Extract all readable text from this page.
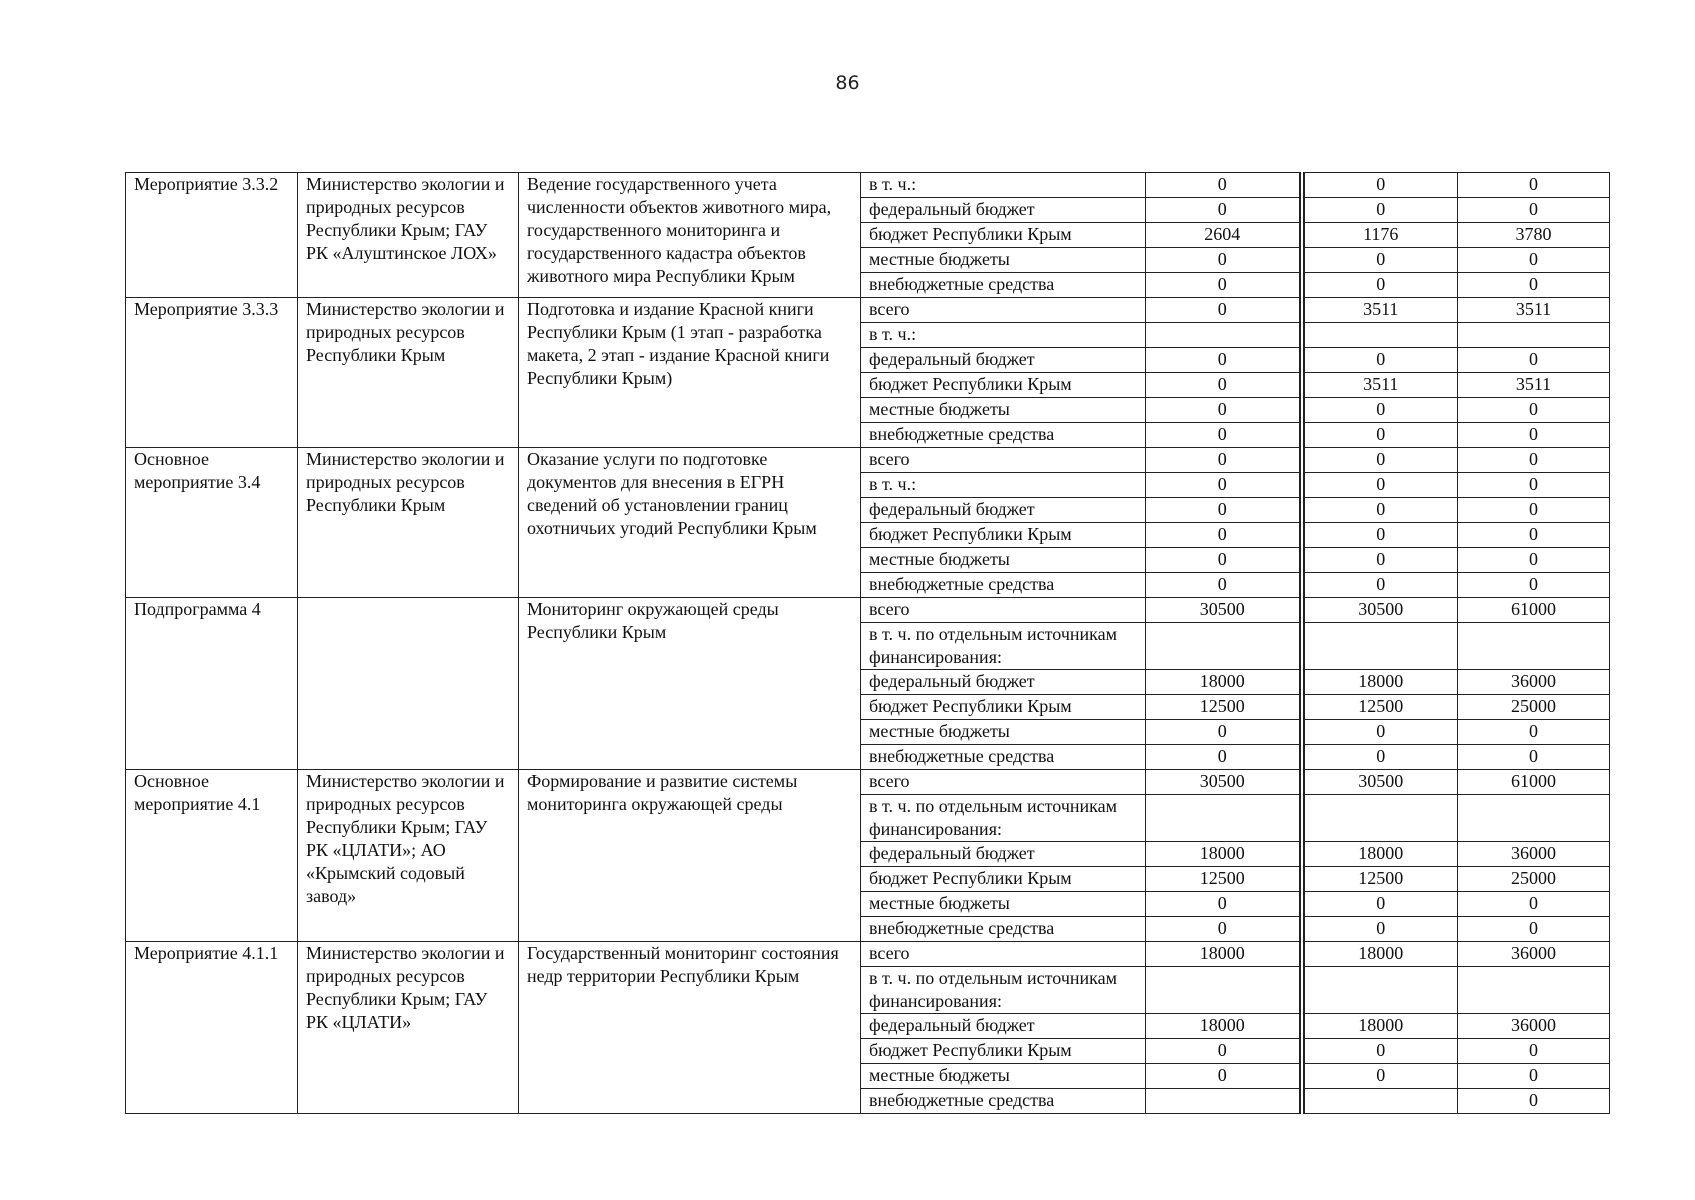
86
Мероприятие 3.3.2	Министерство экологии и природных ресурсов Республики Крым; ГАУ РК «Алуштинское ЛОХ»	Ведение государственного учета численности объектов животного мира, государственного мониторинга и государственного кадастра объектов животного мира Республики Крым	в т. ч.:	0	0	0
			федеральный бюджет	0	0	0
			бюджет Республики Крым	2604	1176	3780
			местные бюджеты	0	0	0
			внебюджетные средства	0	0	0
Мероприятие 3.3.3	Министерство экологии и природных ресурсов Республики Крым	Подготовка и издание Красной книги Республики Крым (1 этап - разработка макета, 2 этап - издание Красной книги Республики Крым)	всего	0	3511	3511
			в т. ч.:			
			федеральный бюджет	0	0	0
			бюджет Республики Крым	0	3511	3511
			местные бюджеты	0	0	0
			внебюджетные средства	0	0	0
Основное мероприятие 3.4	Министерство экологии и природных ресурсов Республики Крым	Оказание услуги по подготовке документов для внесения в ЕГРН сведений об установлении границ охотничьих угодий Республики Крым	всего	0	0	0
			в т. ч.:	0	0	0
			федеральный бюджет	0	0	0
			бюджет Республики Крым	0	0	0
			местные бюджеты	0	0	0
			внебюджетные средства	0	0	0
Подпрограмма 4		Мониторинг окружающей среды Республики Крым	всего	30500	30500	61000
			в т. ч. по отдельным источникам финансирования:			
			федеральный бюджет	18000	18000	36000
			бюджет Республики Крым	12500	12500	25000
			местные бюджеты	0	0	0
			внебюджетные средства	0	0	0
Основное мероприятие 4.1	Министерство экологии и природных ресурсов Республики Крым; ГАУ РК «ЦЛАТИ»; АО «Крымский содовый завод»	Формирование и развитие системы мониторинга окружающей среды	всего	30500	30500	61000
			в т. ч. по отдельным источникам финансирования:			
			федеральный бюджет	18000	18000	36000
			бюджет Республики Крым	12500	12500	25000
			местные бюджеты	0	0	0
			внебюджетные средства	0	0	0
Мероприятие 4.1.1	Министерство экологии и природных ресурсов Республики Крым; ГАУ РК «ЦЛАТИ»	Государственный мониторинг состояния недр территории Республики Крым	всего	18000	18000	36000
			в т. ч. по отдельным источникам финансирования:			
			федеральный бюджет	18000	18000	36000
			бюджет Республики Крым	0	0	0
			местные бюджеты	0	0	0
			внебюджетные средства			0
